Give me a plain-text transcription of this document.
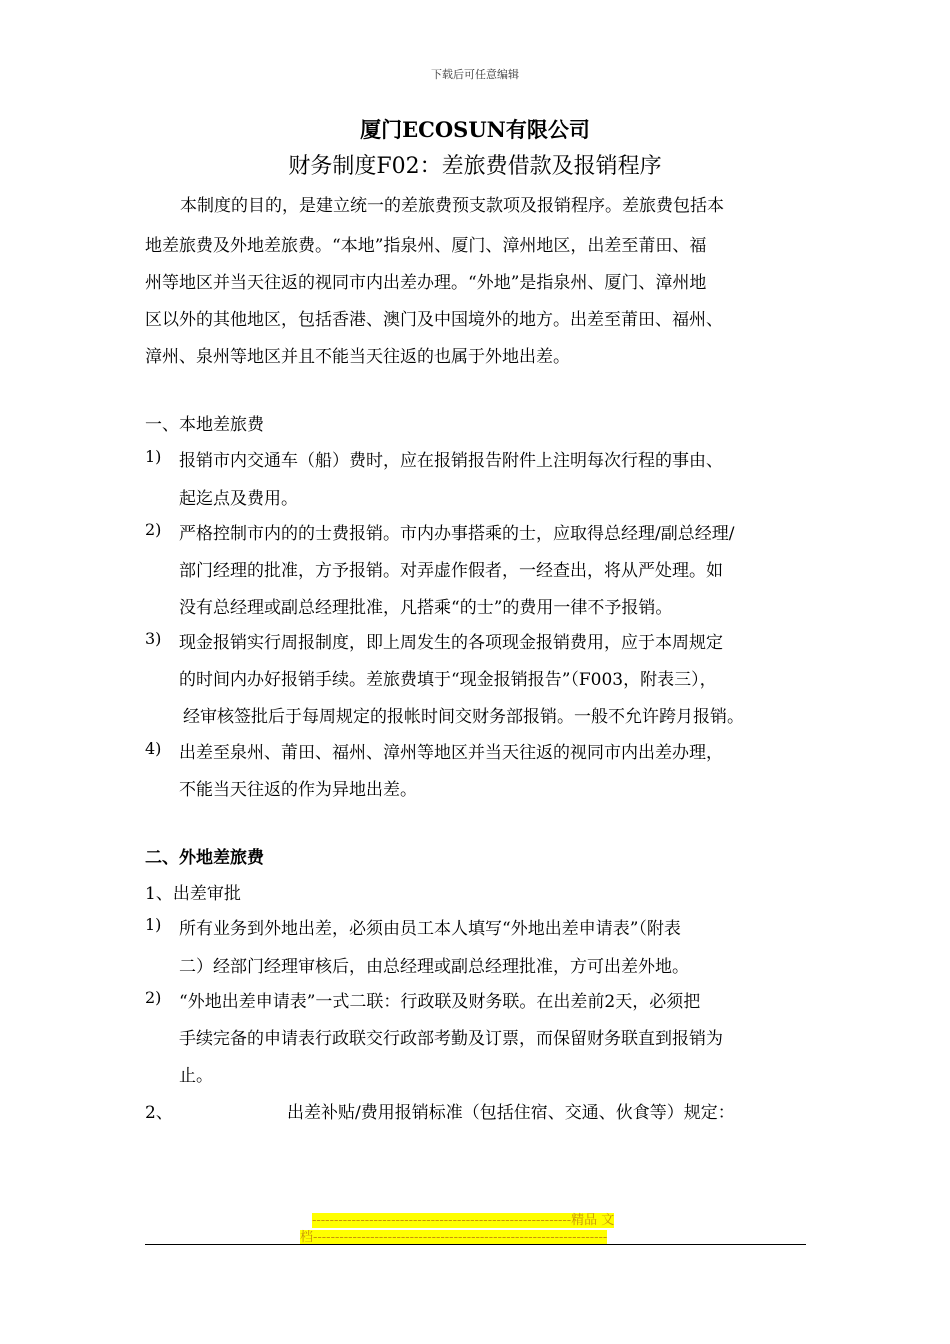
下载后可任意编辑
厦门ECOSUN有限公司
财务制度F02：差旅费借款及报销程序
本制度的目的，是建立统一的差旅费预支款项及报销程序。差旅费包括本
地差旅费及外地差旅费。“本地”指泉州、厦门、漳州地区，出差至莆田、福
州等地区并当天往返的视同市内出差办理。“外地”是指泉州、厦门、漳州地
区以外的其他地区，包括香港、澳门及中国境外的地方。出差至莆田、福州、
漳州、泉州等地区并且不能当天往返的也属于外地出差。
一、本地差旅费
1) 报销市内交通车（船）费时，应在报销报告附件上注明每次行程的事由、
起迄点及费用。
2) 严格控制市内的的士费报销。市内办事搭乘的士，应取得总经理/副总经理/
部门经理的批准，方予报销。对弄虚作假者，一经查出，将从严处理。如
没有总经理或副总经理批准，凡搭乘“的士”的费用一律不予报销。
3) 现金报销实行周报制度，即上周发生的各项现金报销费用，应于本周规定
的时间内办好报销手续。差旅费填于“现金报销报告”（F003，附表三），
经审核签批后于每周规定的报帐时间交财务部报销。一般不允许跨月报销。
4) 出差至泉州、莆田、福州、漳州等地区并当天往返的视同市内出差办理，
不能当天往返的作为异地出差。
二、外地差旅费
1、出差审批
1) 所有业务到外地出差，必须由员工本人填写“外地出差申请表”（附表
二）经部门经理审核后，由总经理或副总经理批准，方可出差外地。
2) “外地出差申请表”一式二联：行政联及财务联。在出差前2天，必须把
手续完备的申请表行政联交行政部考勤及订票，而保留财务联直到报销为
止。
2、	出差补贴/费用报销标准（包括住宿、交通、伙食等）规定：
-----------------------------------------------------------精品 文
档-------------------------------------------------------------------
